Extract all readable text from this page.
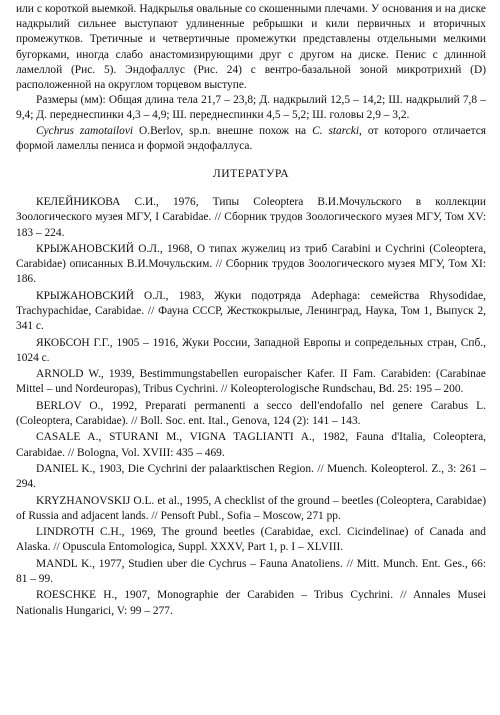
или с короткой выемкой. Надкрылья овальные со скошенными плечами. У основания и на диске надкрылий сильнее выступают удлиненные ребрышки и кили первичных и вторичных промежутков. Третичные и четвертичные промежутки представлены отдельными мелкими бугорками, иногда слабо анастомизирующими друг с другом на диске. Пенис с длинной ламеллой (Рис. 5). Эндофаллус (Рис. 24) с вентро-базальной зоной микротрихий (D) расположенной на округлом торцевом выступе.

Размеры (мм): Общая длина тела 21,7 – 23,8; Д. надкрылий 12,5 – 14,2; Ш. надкрылий 7,8 – 9,4; Д. переднеспинки 4,3 – 4,9; Ш. переднеспинки 4,5 – 5,2; Ш. головы 2,9 – 3,2.

Cychrus zamotailovi O.Berlov, sp.n. внешне похож на C. starcki, от которого отличается формой ламеллы пениса и формой эндофаллуса.

ЛИТЕРАТУРА

КЕЛЕЙНИКОВА С.И., 1976, Типы Coleoptera В.И.Мочульского в коллекции Зоологического музея МГУ, I Carabidae. // Сборник трудов Зоологического музея МГУ, Том XV: 183 – 224.

КРЫЖАНОВСКИЙ О.Л., 1968, О типах жужелиц из триб Carabini и Cychrini (Coleoptera, Carabidae) описанных В.И.Мочульским. // Сборник трудов Зоологического музея МГУ, Том XI: 186.

КРЫЖАНОВСКИЙ О.Л., 1983, Жуки подотряда Adephaga: семейства Rhysodidae, Trachypachidae, Carabidae. // Фауна СССР, Жесткокрылые, Ленинград, Наука, Том 1, Выпуск 2, 341 с.

ЯКОБСОН Г.Г., 1905 – 1916, Жуки России, Западной Европы и сопредельных стран, Спб., 1024 с.

ARNOLD W., 1939, Bestimmungstabellen europaischer Kafer. II Fam. Carabiden: (Carabinae Mittel – und Nordeuropas), Tribus Cychrini. // Koleopterologische Rundschau, Bd. 25: 195 – 200.

BERLOV O., 1992, Preparati permanenti a secco dell'endofallo nel genere Carabus L. (Coleoptera, Carabidae). // Boll. Soc. ent. Ital., Genova, 124 (2): 141 – 143.

CASALE A., STURANI M., VIGNA TAGLIANTI A., 1982, Fauna d'Italia, Coleoptera, Carabidae. // Bologna, Vol. XVIII: 435 – 469.

DANIEL K., 1903, Die Cychrini der palaarktischen Region. // Muench. Koleopterol. Z., 3: 261 – 294.

KRYZHANOVSKIJ O.L. et al., 1995, A checklist of the ground – beetles (Coleoptera, Carabidae) of Russia and adjacent lands. // Pensoft Publ., Sofia – Moscow, 271 pp.

LINDROTH C.H., 1969, The ground beetles (Carabidae, excl. Cicindelinae) of Canada and Alaska. // Opuscula Entomologica, Suppl. XXXV, Part 1, p. I – XLVIII.

MANDL K., 1977, Studien uber die Cychrus – Fauna Anatoliens. // Mitt. Munch. Ent. Ges., 66: 81 – 99.

ROESCHKE H., 1907, Monographie der Carabiden – Tribus Cychrini. // Annales Musei Nationalis Hungarici, V: 99 – 277.
